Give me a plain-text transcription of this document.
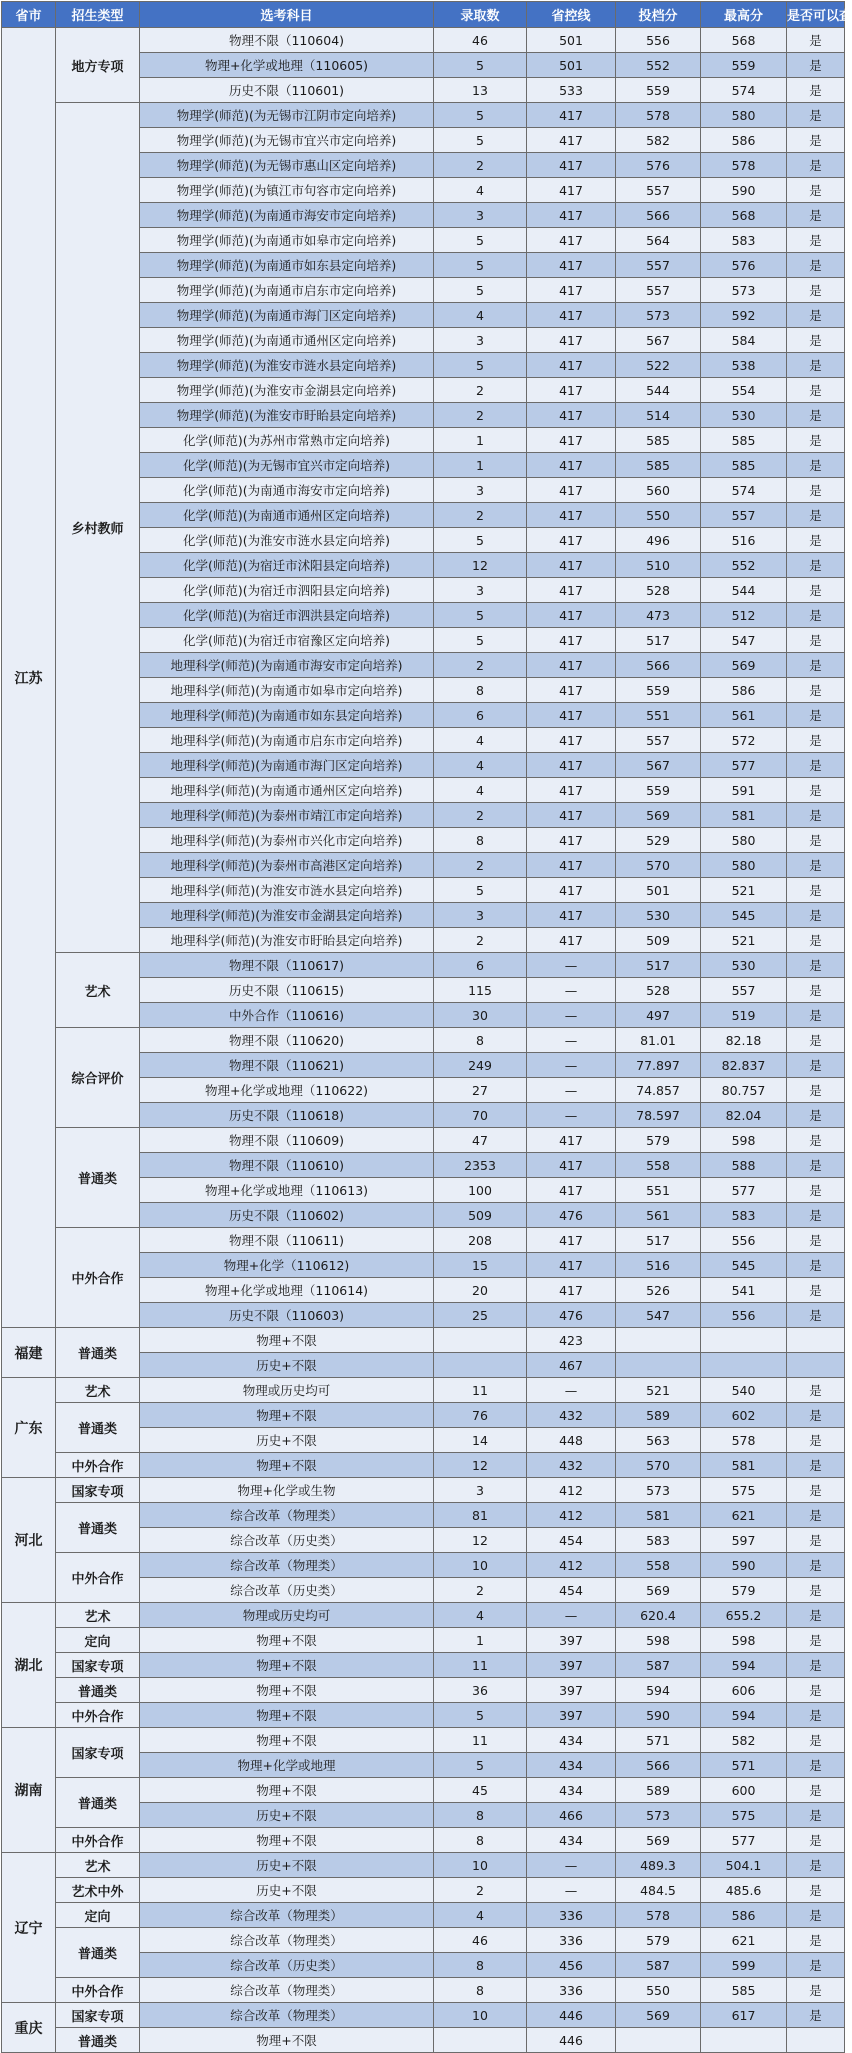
省市	招生类型	选考科目	录取数	省控线	投档分	最高分	是否可以查
江苏	地方专项	物理不限（110604)	46	501	556	568	是
		物理+化学或地理（110605)	5	501	552	559	是
		历史不限（110601)	13	533	559	574	是
	乡村教师	物理学(师范)(为无锡市江阴市定向培养)	5	417	578	580	是
		物理学(师范)(为无锡市宜兴市定向培养)	5	417	582	586	是
		物理学(师范)(为无锡市惠山区定向培养)	2	417	576	578	是
		物理学(师范)(为镇江市句容市定向培养)	4	417	557	590	是
		物理学(师范)(为南通市海安市定向培养)	3	417	566	568	是
		物理学(师范)(为南通市如皋市定向培养)	5	417	564	583	是
		物理学(师范)(为南通市如东县定向培养)	5	417	557	576	是
		物理学(师范)(为南通市启东市定向培养)	5	417	557	573	是
		物理学(师范)(为南通市海门区定向培养)	4	417	573	592	是
		物理学(师范)(为南通市通州区定向培养)	3	417	567	584	是
		物理学(师范)(为淮安市涟水县定向培养)	5	417	522	538	是
		物理学(师范)(为淮安市金湖县定向培养)	2	417	544	554	是
		物理学(师范)(为淮安市盱眙县定向培养)	2	417	514	530	是
		化学(师范)(为苏州市常熟市定向培养)	1	417	585	585	是
		化学(师范)(为无锡市宜兴市定向培养)	1	417	585	585	是
		化学(师范)(为南通市海安市定向培养)	3	417	560	574	是
		化学(师范)(为南通市通州区定向培养)	2	417	550	557	是
		化学(师范)(为淮安市涟水县定向培养)	5	417	496	516	是
		化学(师范)(为宿迁市沭阳县定向培养)	12	417	510	552	是
		化学(师范)(为宿迁市泗阳县定向培养)	3	417	528	544	是
		化学(师范)(为宿迁市泗洪县定向培养)	5	417	473	512	是
		化学(师范)(为宿迁市宿豫区定向培养)	5	417	517	547	是
		地理科学(师范)(为南通市海安市定向培养)	2	417	566	569	是
		地理科学(师范)(为南通市如皋市定向培养)	8	417	559	586	是
		地理科学(师范)(为南通市如东县定向培养)	6	417	551	561	是
		地理科学(师范)(为南通市启东市定向培养)	4	417	557	572	是
		地理科学(师范)(为南通市海门区定向培养)	4	417	567	577	是
		地理科学(师范)(为南通市通州区定向培养)	4	417	559	591	是
		地理科学(师范)(为泰州市靖江市定向培养)	2	417	569	581	是
		地理科学(师范)(为泰州市兴化市定向培养)	8	417	529	580	是
		地理科学(师范)(为泰州市高港区定向培养)	2	417	570	580	是
		地理科学(师范)(为淮安市涟水县定向培养)	5	417	501	521	是
		地理科学(师范)(为淮安市金湖县定向培养)	3	417	530	545	是
		地理科学(师范)(为淮安市盱眙县定向培养)	2	417	509	521	是
	艺术	物理不限（110617)	6	—	517	530	是
		历史不限（110615)	115	—	528	557	是
		中外合作（110616)	30	—	497	519	是
	综合评价	物理不限（110620)	8	—	81.01	82.18	是
		物理不限（110621)	249	—	77.897	82.837	是
		物理+化学或地理（110622)	27	—	74.857	80.757	是
		历史不限（110618)	70	—	78.597	82.04	是
	普通类	物理不限（110609)	47	417	579	598	是
		物理不限（110610)	2353	417	558	588	是
		物理+化学或地理（110613)	100	417	551	577	是
		历史不限（110602)	509	476	561	583	是
	中外合作	物理不限（110611)	208	417	517	556	是
		物理+化学（110612)	15	417	516	545	是
		物理+化学或地理（110614)	20	417	526	541	是
		历史不限（110603)	25	476	547	556	是
福建	普通类	物理+不限		423			
		历史+不限		467			
广东	艺术	物理或历史均可	11	—	521	540	是
	普通类	物理+不限	76	432	589	602	是
		历史+不限	14	448	563	578	是
	中外合作	物理+不限	12	432	570	581	是
河北	国家专项	物理+化学或生物	3	412	573	575	是
	普通类	综合改革（物理类）	81	412	581	621	是
		综合改革（历史类）	12	454	583	597	是
	中外合作	综合改革（物理类）	10	412	558	590	是
		综合改革（历史类）	2	454	569	579	是
湖北	艺术	物理或历史均可	4	—	620.4	655.2	是
	定向	物理+不限	1	397	598	598	是
	国家专项	物理+不限	11	397	587	594	是
	普通类	物理+不限	36	397	594	606	是
	中外合作	物理+不限	5	397	590	594	是
湖南	国家专项	物理+不限	11	434	571	582	是
		物理+化学或地理	5	434	566	571	是
	普通类	物理+不限	45	434	589	600	是
		历史+不限	8	466	573	575	是
	中外合作	物理+不限	8	434	569	577	是
辽宁	艺术	历史+不限	10	—	489.3	504.1	是
	艺术中外	历史+不限	2	—	484.5	485.6	是
	定向	综合改革（物理类）	4	336	578	586	是
	普通类	综合改革（物理类）	46	336	579	621	是
		综合改革（历史类）	8	456	587	599	是
	中外合作	综合改革（物理类）	8	336	550	585	是
重庆	国家专项	综合改革（物理类）	10	446	569	617	是
	普通类	物理+不限		446			
